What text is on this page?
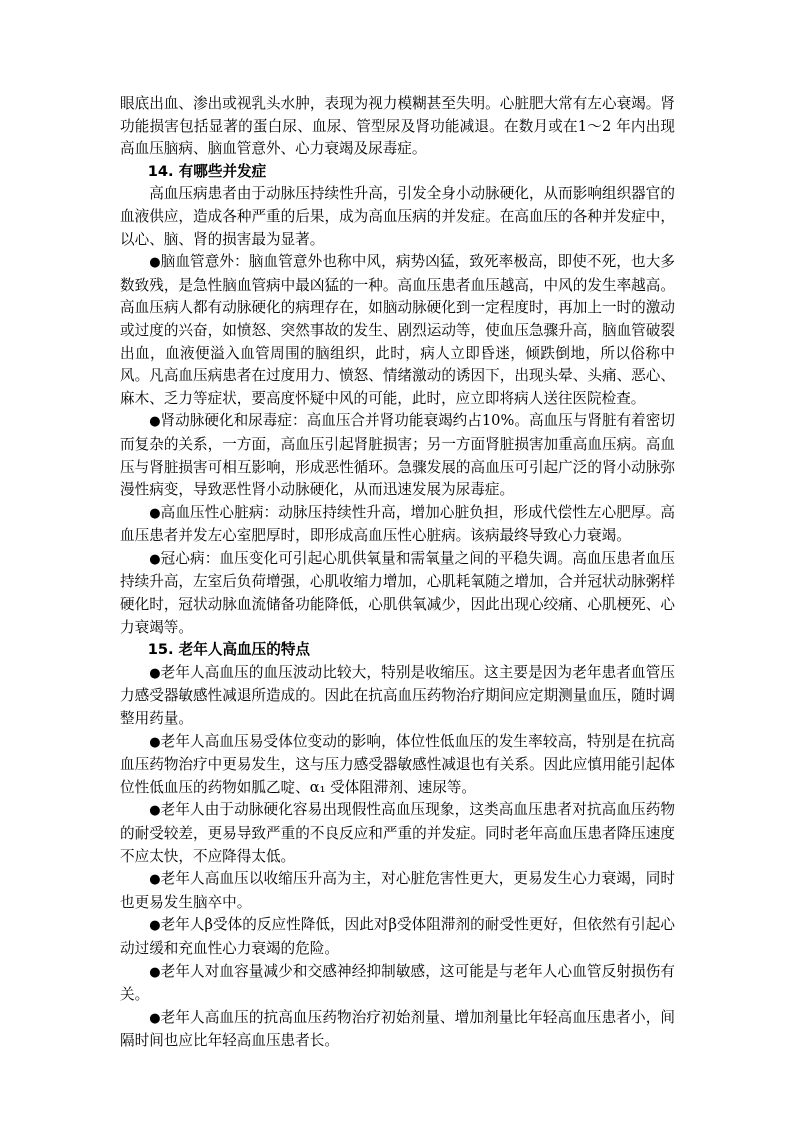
眼底出血、渗出或视乳头水肿，表现为视力模糊甚至失明。心脏肥大常有左心衰竭。肾功能损害包括显著的蛋白尿、血尿、管型尿及肾功能减退。在数月或在1～2 年内出现高血压脑病、脑血管意外、心力衰竭及尿毒症。

14. 有哪些并发症

高血压病患者由于动脉压持续性升高，引发全身小动脉硬化，从而影响组织器官的血液供应，造成各种严重的后果，成为高血压病的并发症。在高血压的各种并发症中，以心、脑、肾的损害最为显著。

●脑血管意外：脑血管意外也称中风，病势凶猛，致死率极高，即使不死，也大多数致残，是急性脑血管病中最凶猛的一种。高血压患者血压越高，中风的发生率越高。高血压病人都有动脉硬化的病理存在，如脑动脉硬化到一定程度时，再加上一时的激动或过度的兴奋，如愤怒、突然事故的发生、剧烈运动等，使血压急骤升高，脑血管破裂出血，血液便溢入血管周围的脑组织，此时，病人立即昏迷，倾跌倒地，所以俗称中风。凡高血压病患者在过度用力、愤怒、情绪激动的诱因下，出现头晕、头痛、恶心、麻木、乏力等症状，要高度怀疑中风的可能，此时，应立即将病人送往医院检查。

●肾动脉硬化和尿毒症：高血压合并肾功能衰竭约占10%。高血压与肾脏有着密切而复杂的关系，一方面，高血压引起肾脏损害；另一方面肾脏损害加重高血压病。高血压与肾脏损害可相互影响，形成恶性循环。急骤发展的高血压可引起广泛的肾小动脉弥漫性病变，导致恶性肾小动脉硬化，从而迅速发展为尿毒症。

●高血压性心脏病：动脉压持续性升高，增加心脏负担，形成代偿性左心肥厚。高血压患者并发左心室肥厚时，即形成高血压性心脏病。该病最终导致心力衰竭。

●冠心病：血压变化可引起心肌供氧量和需氧量之间的平稳失调。高血压患者血压持续升高，左室后负荷增强，心肌收缩力增加，心肌耗氧随之增加，合并冠状动脉粥样硬化时，冠状动脉血流储备功能降低，心肌供氧减少，因此出现心绞痛、心肌梗死、心力衰竭等。

15. 老年人高血压的特点

●老年人高血压的血压波动比较大，特别是收缩压。这主要是因为老年患者血管压力感受器敏感性减退所造成的。因此在抗高血压药物治疗期间应定期测量血压，随时调整用药量。

●老年人高血压易受体位变动的影响，体位性低血压的发生率较高，特别是在抗高血压药物治疗中更易发生，这与压力感受器敏感性减退也有关系。因此应慎用能引起体位性低血压的药物如胍乙啶、α₁ 受体阻滞剂、速尿等。

●老年人由于动脉硬化容易出现假性高血压现象，这类高血压患者对抗高血压药物的耐受较差，更易导致严重的不良反应和严重的并发症。同时老年高血压患者降压速度不应太快，不应降得太低。

●老年人高血压以收缩压升高为主，对心脏危害性更大，更易发生心力衰竭，同时也更易发生脑卒中。

●老年人β受体的反应性降低，因此对β受体阻滞剂的耐受性更好，但依然有引起心动过缓和充血性心力衰竭的危险。

●老年人对血容量减少和交感神经抑制敏感，这可能是与老年人心血管反射损伤有关。

●老年人高血压的抗高血压药物治疗初始剂量、增加剂量比年轻高血压患者小，间隔时间也应比年轻高血压患者长。
